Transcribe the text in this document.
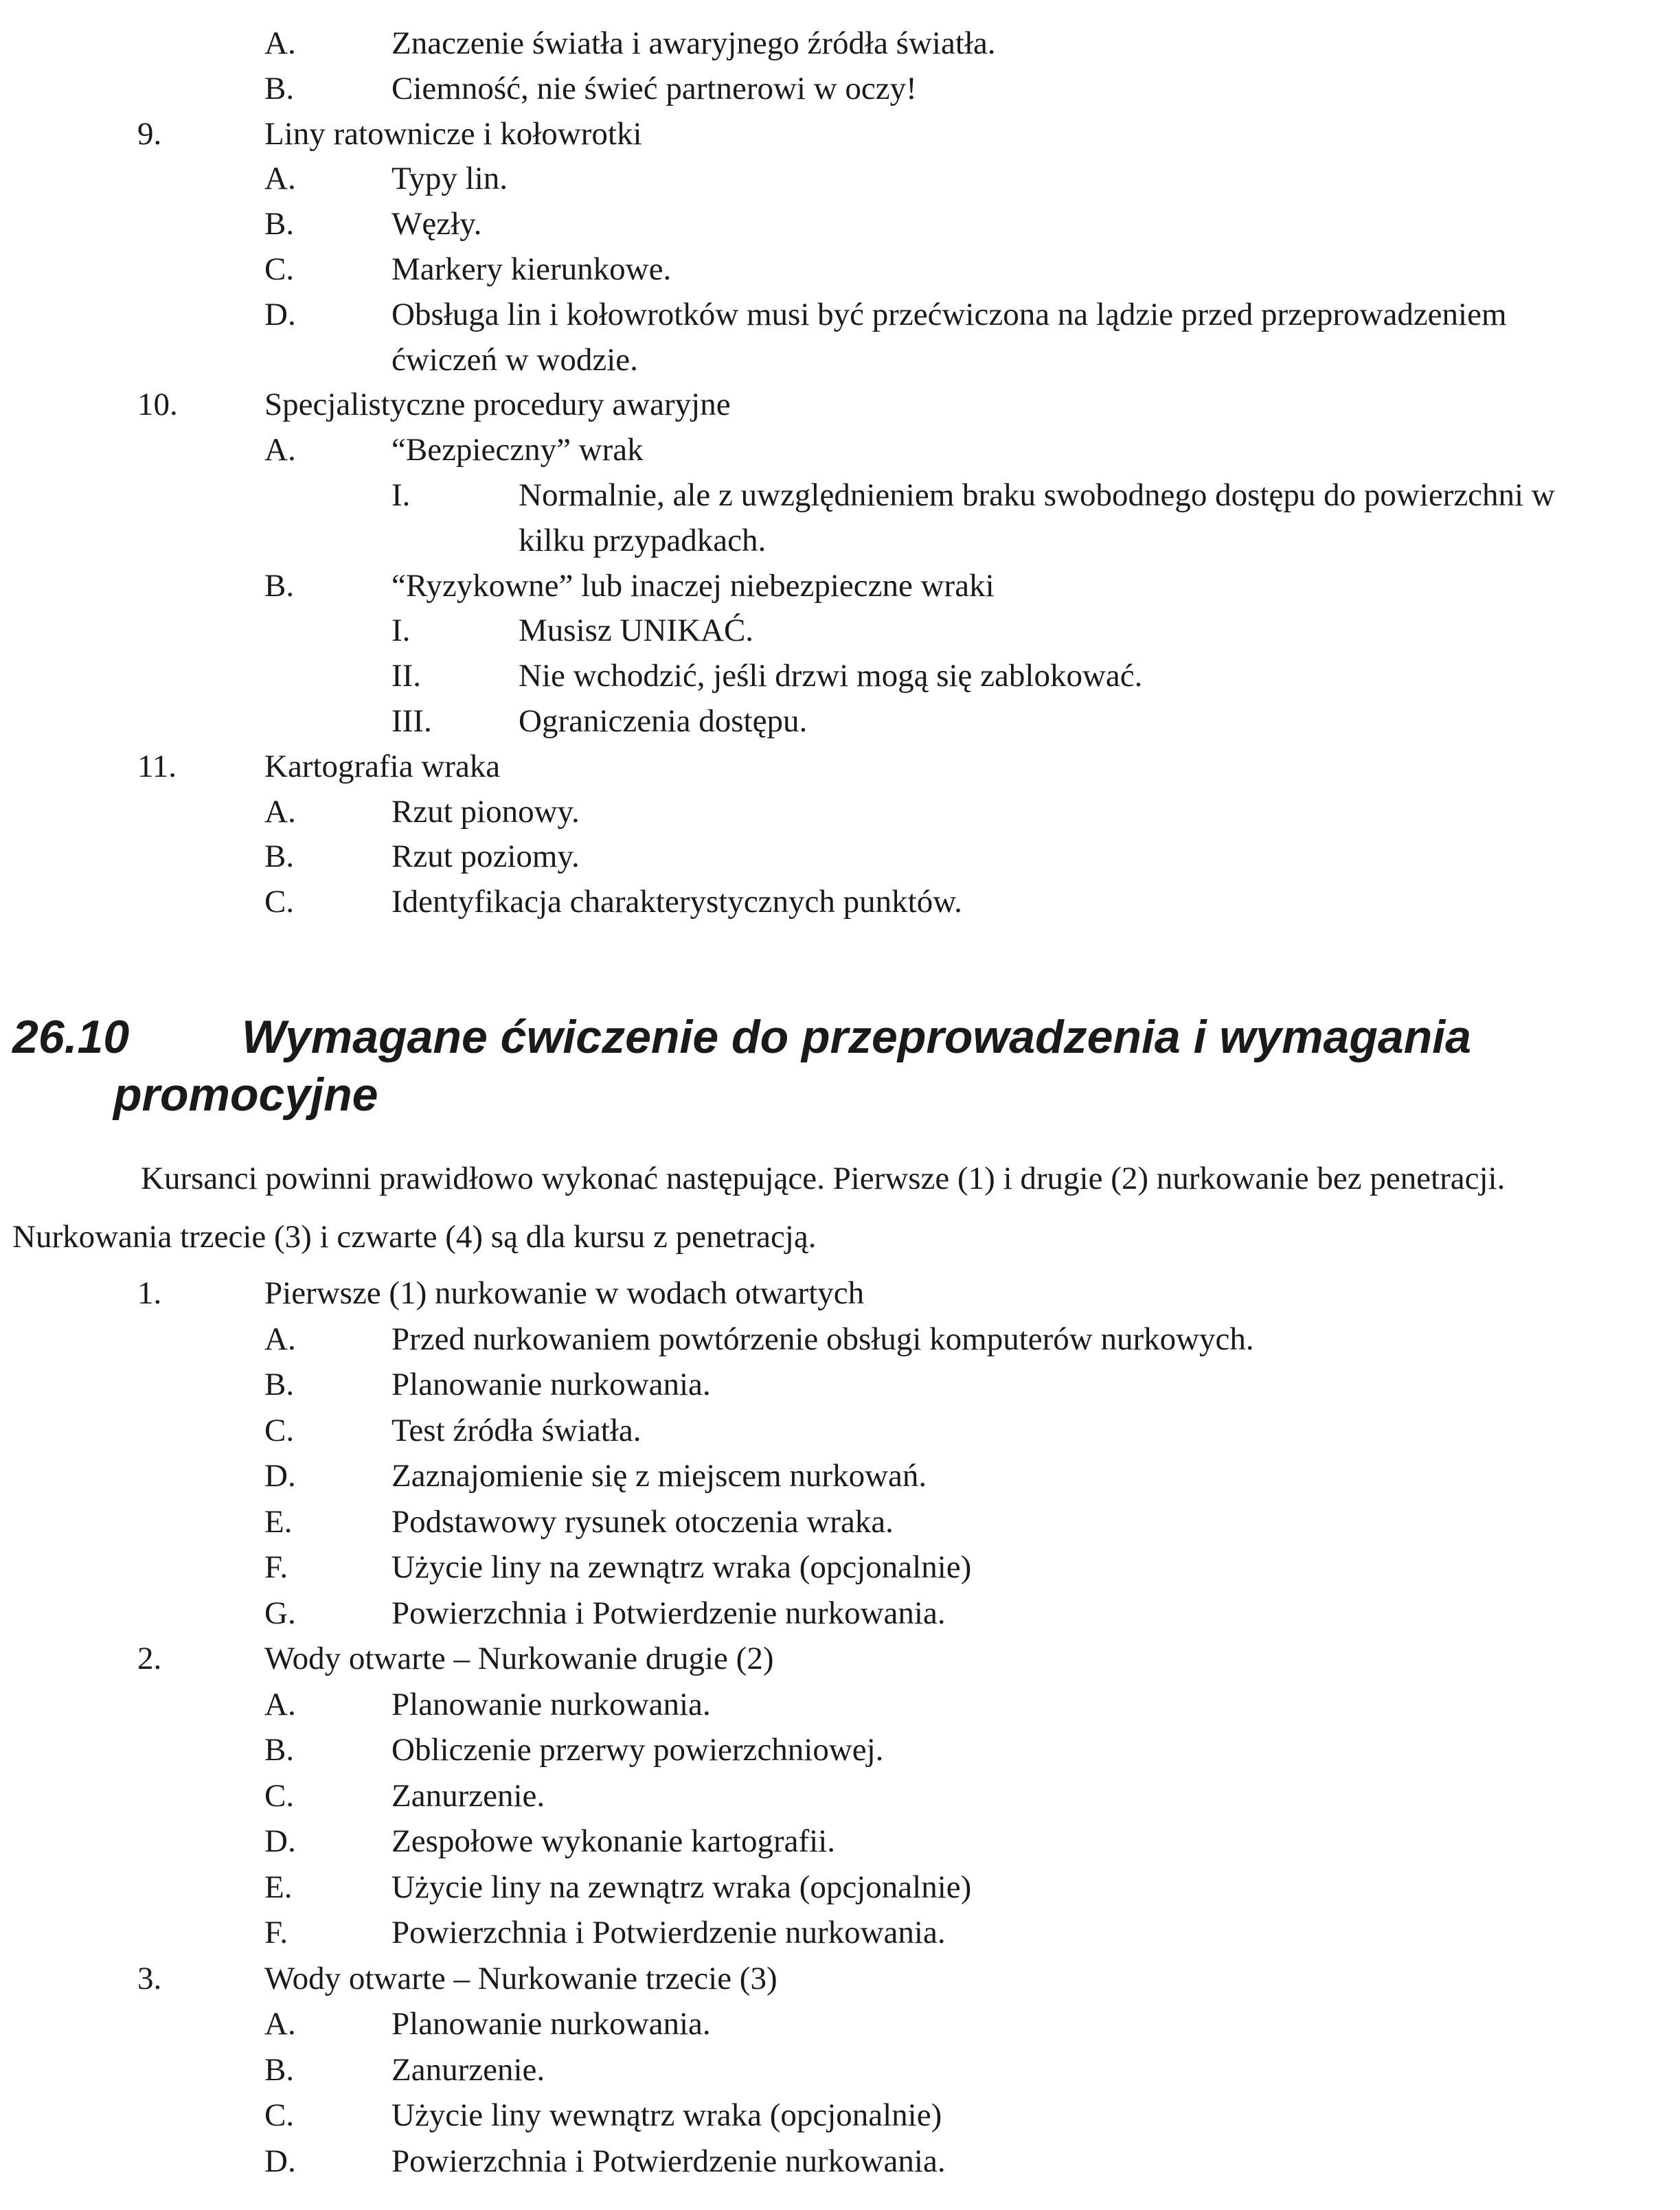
A.	Znaczenie światła i awaryjnego źródła światła.
B.	Ciemność, nie świeć partnerowi w oczy!
9.	Liny ratownicze i kołowrotki
A.	Typy lin.
B.	Węzły.
C.	Markery kierunkowe.
D.	Obsługa lin i kołowrotków musi być przećwiczona na lądzie przed przeprowadzeniem
ćwiczeń w wodzie.
10.	Specjalistyczne procedury awaryjne
A.	“Bezpieczny” wrak
I.	Normalnie, ale z uwzględnieniem braku swobodnego dostępu do powierzchni w
kilku przypadkach.
B.	“Ryzykowne” lub inaczej niebezpieczne wraki
I.	Musisz UNIKAĆ.
II.	Nie wchodzić, jeśli drzwi mogą się zablokować.
III.	Ograniczenia dostępu.
11.	Kartografia wraka
A.	Rzut pionowy.
B.	Rzut poziomy.
C.	Identyfikacja charakterystycznych punktów.
26.10 Wymagane ćwiczenie do przeprowadzenia i wymagania
promocyjne
Kursanci powinni prawidłowo wykonać następujące. Pierwsze (1) i drugie (2) nurkowanie bez penetracji.
Nurkowania trzecie (3) i czwarte (4) są dla kursu z penetracją.
1.	Pierwsze (1) nurkowanie w wodach otwartych
A.	Przed nurkowaniem powtórzenie obsługi komputerów nurkowych.
B.	Planowanie nurkowania.
C.	Test źródła światła.
D.	Zaznajomienie się z miejscem nurkowań.
E.	Podstawowy rysunek otoczenia wraka.
F.	Użycie liny na zewnątrz wraka (opcjonalnie)
G.	Powierzchnia i Potwierdzenie nurkowania.
2.	Wody otwarte – Nurkowanie drugie (2)
A.	Planowanie nurkowania.
B.	Obliczenie przerwy powierzchniowej.
C.	Zanurzenie.
D.	Zespołowe wykonanie kartografii.
E.	Użycie liny na zewnątrz wraka (opcjonalnie)
F.	Powierzchnia i Potwierdzenie nurkowania.
3.	Wody otwarte – Nurkowanie trzecie (3)
A.	Planowanie nurkowania.
B.	Zanurzenie.
C.	Użycie liny wewnątrz wraka (opcjonalnie)
D.	Powierzchnia i Potwierdzenie nurkowania.
